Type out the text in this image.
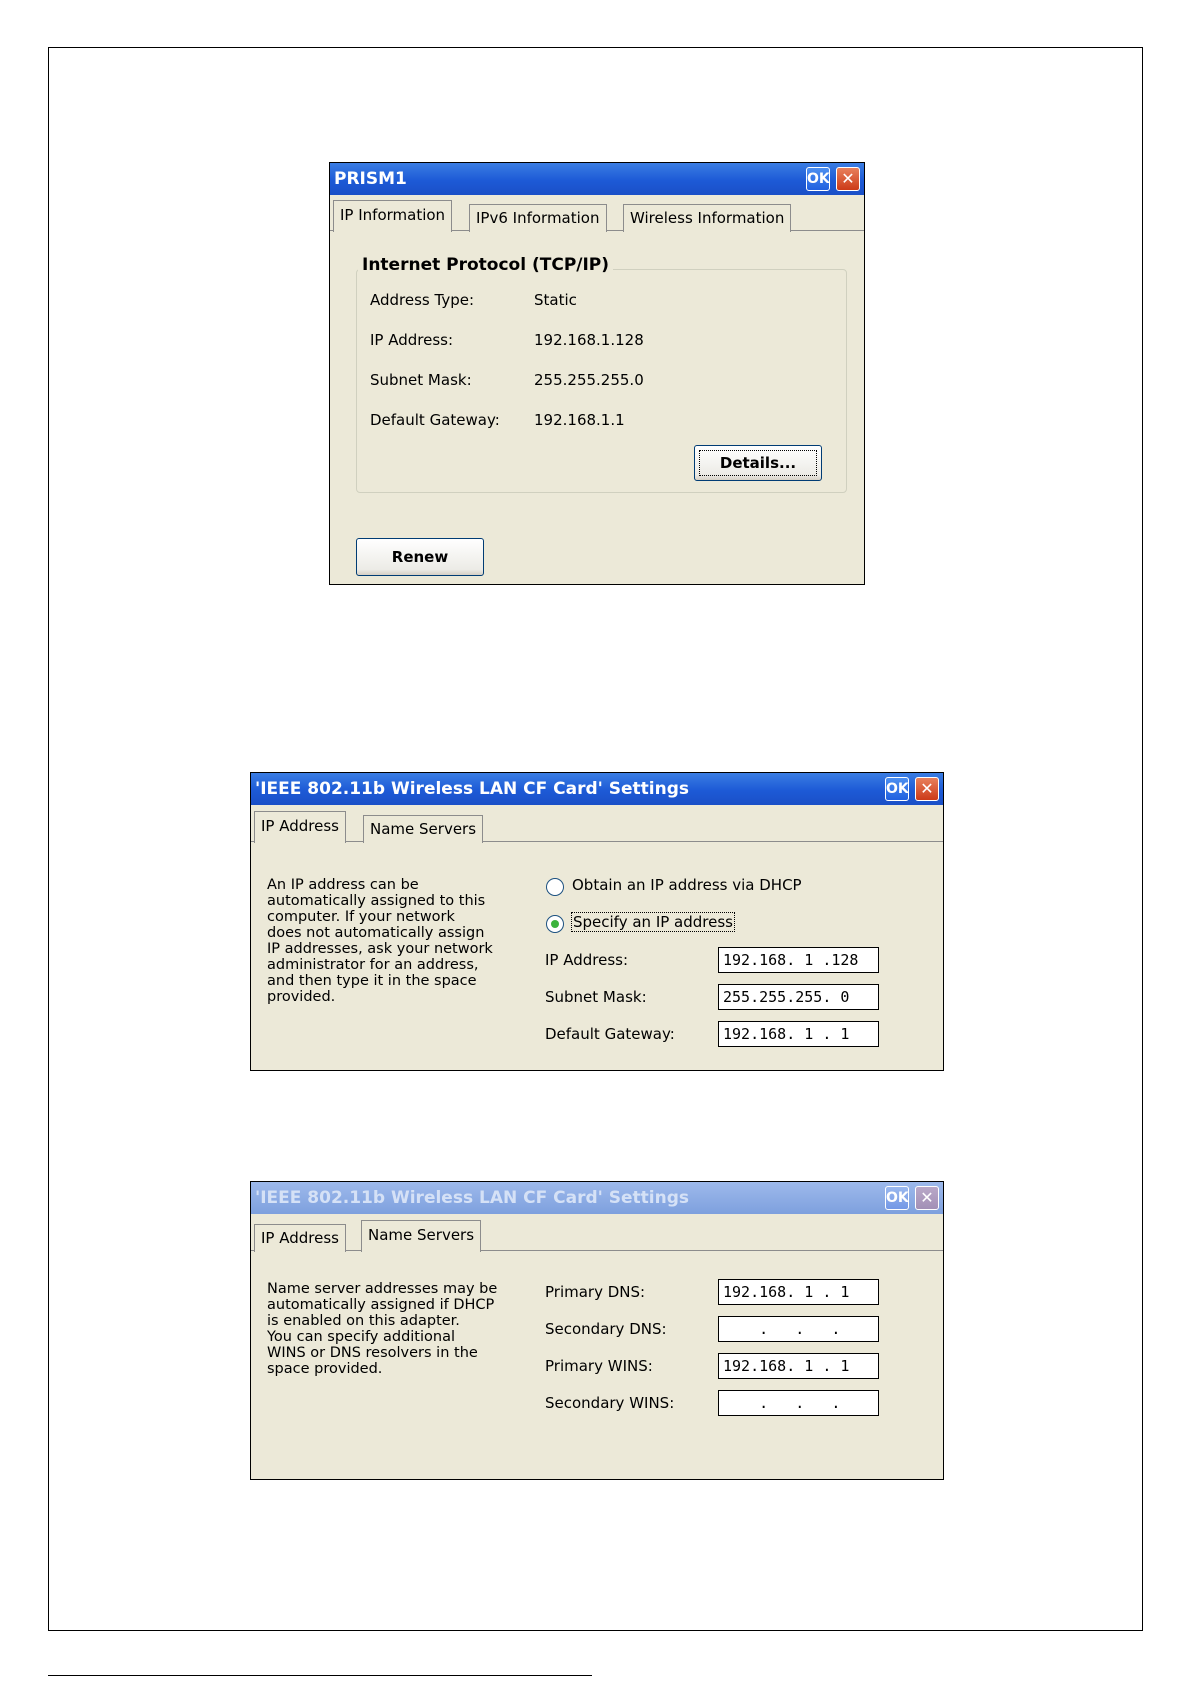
PRISM1	OK ✕
IP Information	IPv6 Information	Wireless Information
Internet Protocol (TCP/IP)
Address Type:	Static
IP Address:	192.168.1.128
Subnet Mask:	255.255.255.0
Default Gateway: 192.168.1.1
Details...
Renew
'IEEE 802.11b Wireless LAN CF Card' Settings	OK ✕
IP Address	Name Servers
An IP address can be
automatically assigned to this
computer. If your network
does not automatically assign
IP addresses, ask your network
administrator for an address,
and then type it in the space
provided.
Obtain an IP address via DHCP
Specify an IP address
IP Address:	192.168. 1 .128
Subnet Mask:	255.255.255. 0
Default Gateway:	192.168. 1 . 1
'IEEE 802.11b Wireless LAN CF Card' Settings	OK ✕
IP Address	Name Servers
Name server addresses may be
automatically assigned if DHCP
is enabled on this adapter.
You can specify additional
WINS or DNS resolvers in the
space provided.
Primary DNS:	192.168. 1 . 1
Secondary DNS:	.   .   .
Primary WINS:	192.168. 1 . 1
Secondary WINS:	.   .   .
